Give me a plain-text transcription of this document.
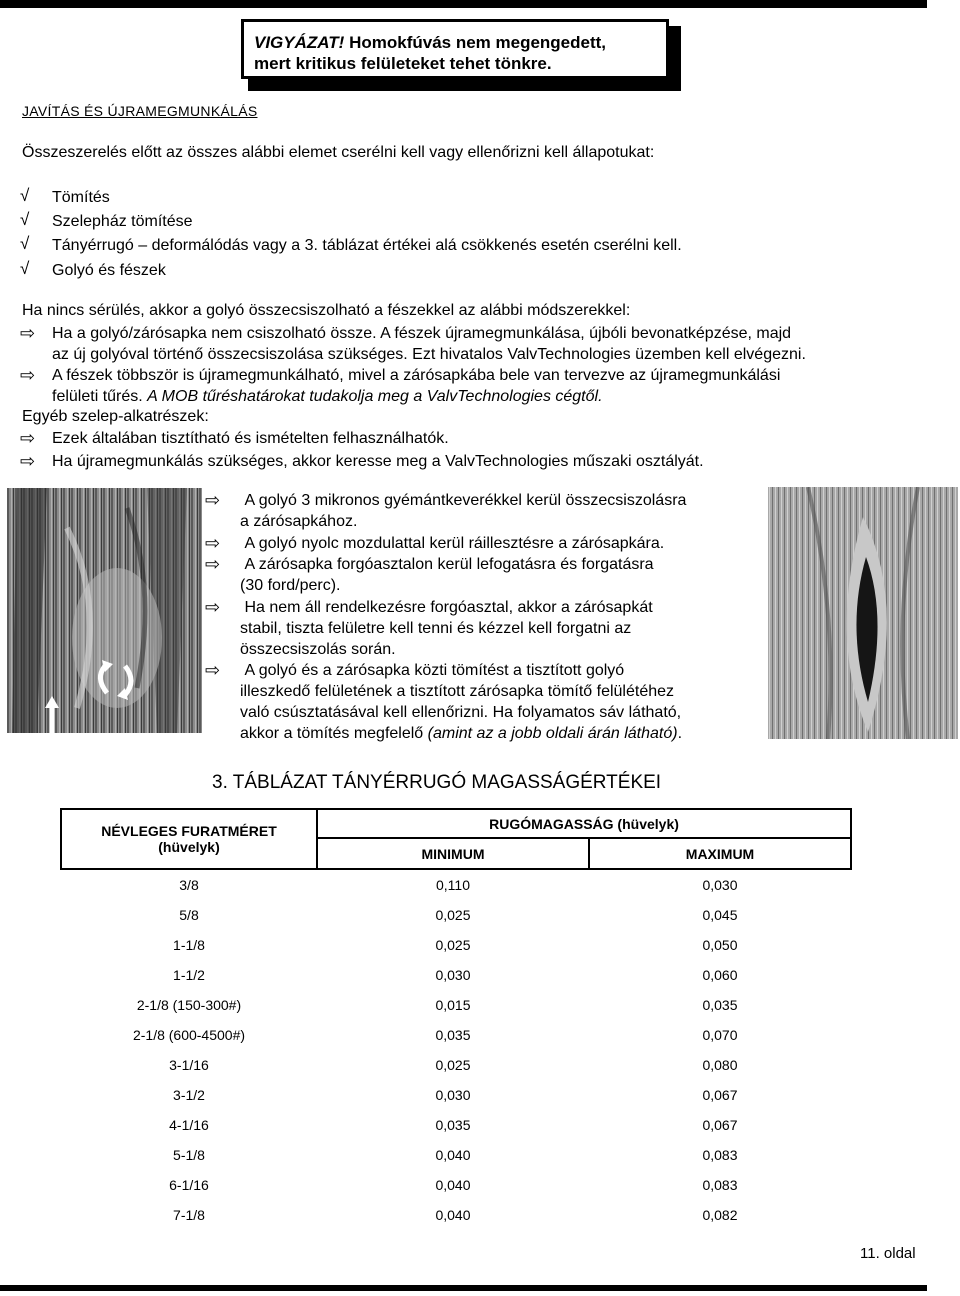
VIGYÁZAT! Homokfúvás nem megengedett,
mert kritikus felületeket tehet tönkre.
JAVÍTÁS ÉS ÚJRAMEGMUNKÁLÁS
Összeszerelés előtt az összes alábbi elemet cserélni kell vagy ellenőrizni kell állapotukat:
√ Tömítés
√ Szelepház tömítése
√ Tányérrugó – deformálódás vagy a 3. táblázat értékei alá csökkenés esetén cserélni kell.
√ Golyó és fészek
Ha nincs sérülés, akkor a golyó összecsiszolható a fészekkel az alábbi módszerekkel:
⇨ Ha a golyó/zárósapka nem csiszolható össze. A fészek újramegmunkálása, újbóli bevonatképzése, majd
az új golyóval történő összecsiszolása szükséges. Ezt hivatalos ValvTechnologies üzemben kell elvégezni.
⇨ A fészek többször is újramegmunkálható, mivel a zárósapkába bele van tervezve az újramegmunkálási
felületi tűrés. A MOB tűréshatárokat tudakolja meg a ValvTechnologies cégtől.
Egyéb szelep-alkatrészek:
⇨ Ezek általában tisztítható és ismételten felhasználhatók.
⇨ Ha újramegmunkálás szükséges, akkor keresse meg a ValvTechnologies műszaki osztályát.
⇨ A golyó 3 mikronos gyémántkeverékkel kerül összecsiszolásra
a zárósapkához.
⇨ A golyó nyolc mozdulattal kerül ráillesztésre a zárósapkára.
⇨ A zárósapka forgóasztalon kerül lefogatásra és forgatásra
(30 ford/perc).
⇨ Ha nem áll rendelkezésre forgóasztal, akkor a zárósapkát
stabil, tiszta felületre kell tenni és kézzel kell forgatni az
összecsiszolás során.
⇨ A golyó és a zárósapka közti tömítést a tisztított golyó
illeszkedő felületének a tisztított zárósapka tömítő felülétéhez
való csúsztatásával kell ellenőrizni. Ha folyamatos sáv látható,
akkor a tömítés megfelelő (amint az a jobb oldali árán látható).
3. TÁBLÁZAT TÁNYÉRRUGÓ MAGASSÁGÉRTÉKEI
NÉVLEGES FURATMÉRET (hüvelyk)	RUGÓMAGASSÁG (hüvelyk)	
	MINIMUM	MAXIMUM
3/8	0,110	0,030
5/8	0,025	0,045
1-1/8	0,025	0,050
1-1/2	0,030	0,060
2-1/8 (150-300#)	0,015	0,035
2-1/8 (600-4500#)	0,035	0,070
3-1/16	0,025	0,080
3-1/2	0,030	0,067
4-1/16	0,035	0,067
5-1/8	0,040	0,083
6-1/16	0,040	0,083
7-1/8	0,040	0,082
11. oldal
